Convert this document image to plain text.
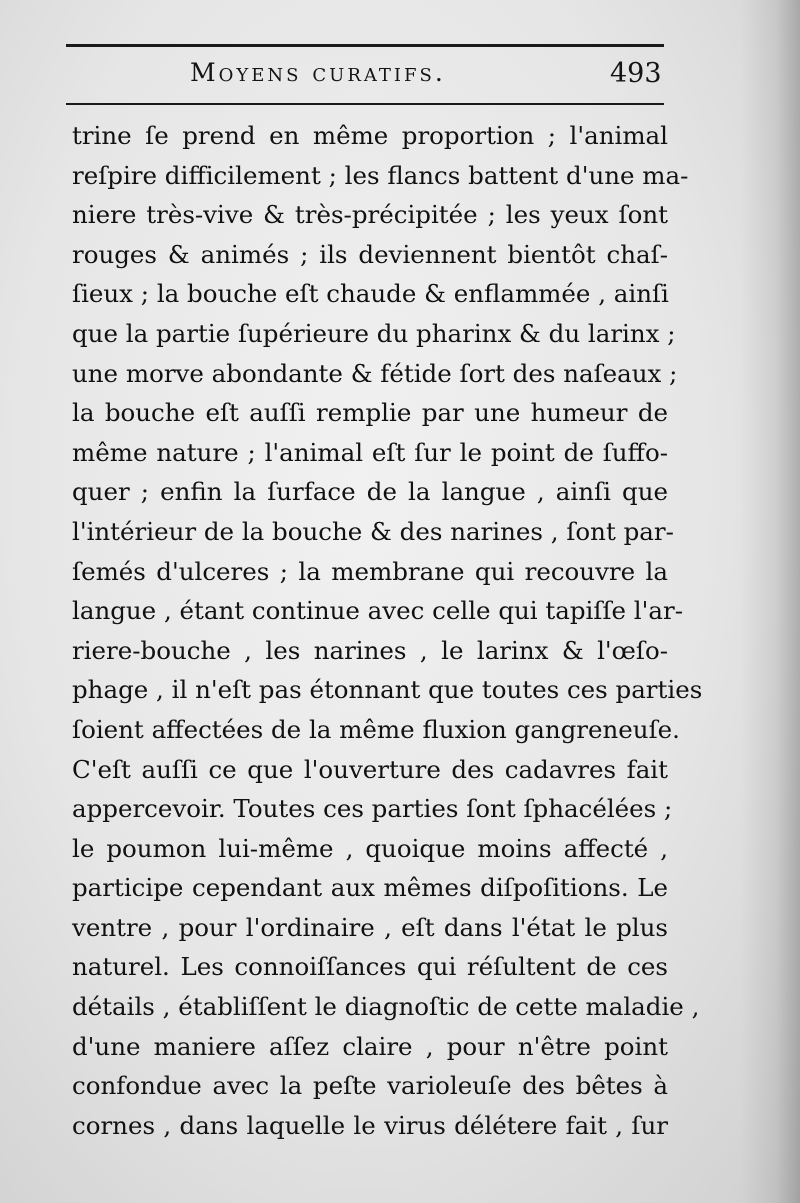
Moyens curatifs.	493
trine ſe prend en même proportion ; l'animal
reſpire difficilement ; les flancs battent d'une ma-
niere très-vive & très-précipitée ; les yeux ſont
rouges & animés ; ils deviennent bientôt chaſ-
ſieux ; la bouche eſt chaude & enflammée , ainſi
que la partie ſupérieure du pharinx & du larinx ;
une morve abondante & fétide ſort des naſeaux ;
la bouche eſt auſſi remplie par une humeur de
même nature ; l'animal eſt ſur le point de ſuffo-
quer ; enfin la ſurface de la langue , ainſi que
l'intérieur de la bouche & des narines , ſont par-
ſemés d'ulceres ; la membrane qui recouvre la
langue , étant continue avec celle qui tapiſſe l'ar-
riere-bouche , les narines , le larinx & l'œſo-
phage , il n'eſt pas étonnant que toutes ces parties
ſoient affectées de la même fluxion gangreneuſe.
C'eſt auſſi ce que l'ouverture des cadavres fait
appercevoir. Toutes ces parties ſont ſphacélées ;
le poumon lui-même , quoique moins affecté ,
participe cependant aux mêmes diſpoſitions. Le
ventre , pour l'ordinaire , eſt dans l'état le plus
naturel. Les connoiſſances qui réſultent de ces
détails , établiſſent le diagnoſtic de cette maladie ,
d'une maniere aſſez claire , pour n'être point
confondue avec la peſte varioleuſe des bêtes à
cornes , dans laquelle le virus délétere fait , ſur
